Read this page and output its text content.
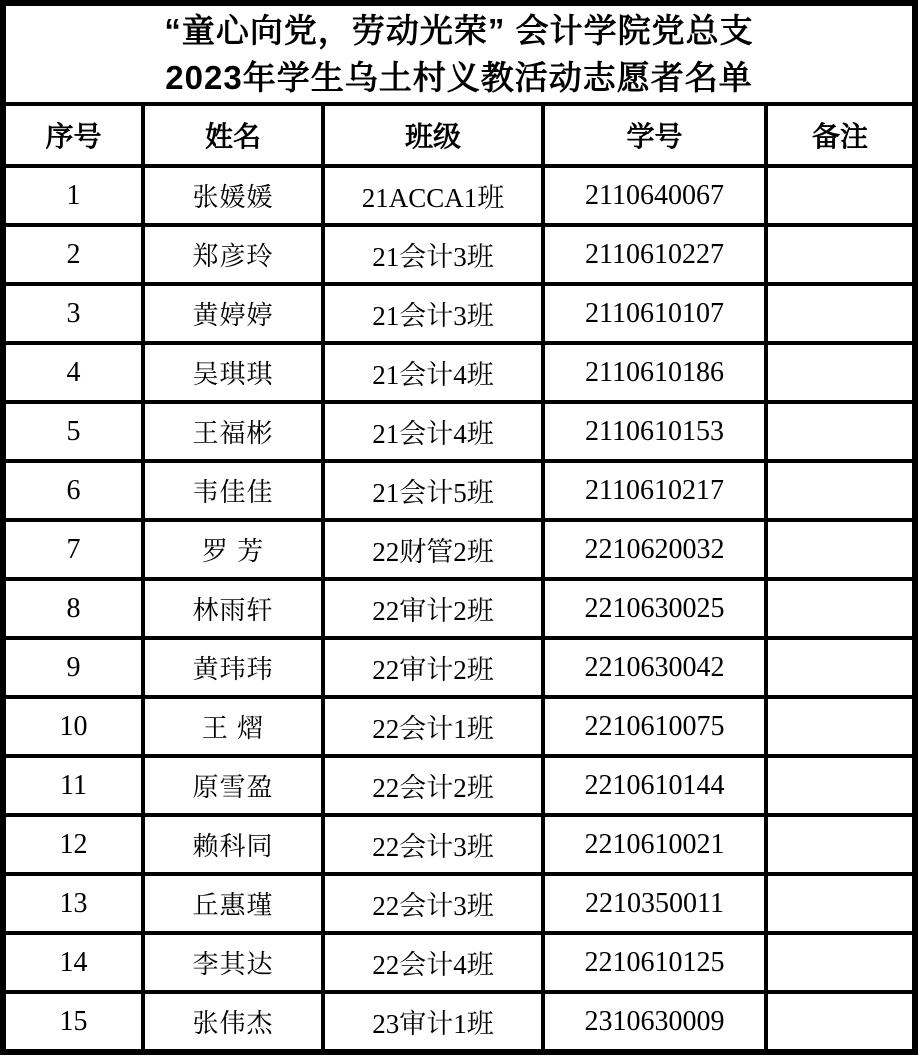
“童心向党，劳动光荣” 会计学院党总支
2023年学生乌土村义教活动志愿者名单				

序号	姓名	班级	学号	备注
1	张媛媛	21ACCA1班	2110640067	
2	郑彦玲	21会计3班	2110610227	
3	黄婷婷	21会计3班	2110610107	
4	吴琪琪	21会计4班	2110610186	
5	王福彬	21会计4班	2110610153	
6	韦佳佳	21会计5班	2110610217	
7	罗 芳	22财管2班	2210620032	
8	林雨轩	22审计2班	2210630025	
9	黄玮玮	22审计2班	2210630042	
10	王 熠	22会计1班	2210610075	
11	原雪盈	22会计2班	2210610144	
12	赖科同	22会计3班	2210610021	
13	丘惠瑾	22会计3班	2210350011	
14	李其达	22会计4班	2210610125	
15	张伟杰	23审计1班	2310630009	
